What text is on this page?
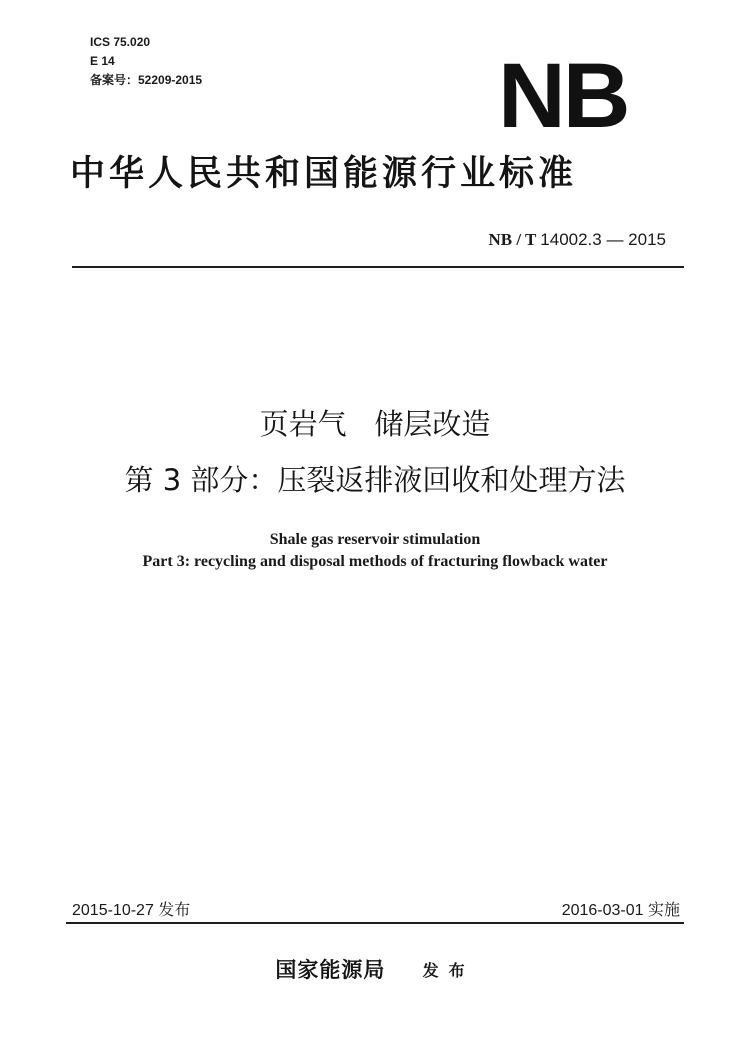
ICS 75.020
E 14
备案号：52209-2015	NB
中华人民共和国能源行业标准
NB / T 14002.3 — 2015
页岩气   储层改造
第 3 部分：压裂返排液回收和处理方法
Shale gas reservoir stimulation
Part 3: recycling and disposal methods of fracturing flowback water
2015-10-27 发布	2016-03-01 实施
国家能源局 发布
